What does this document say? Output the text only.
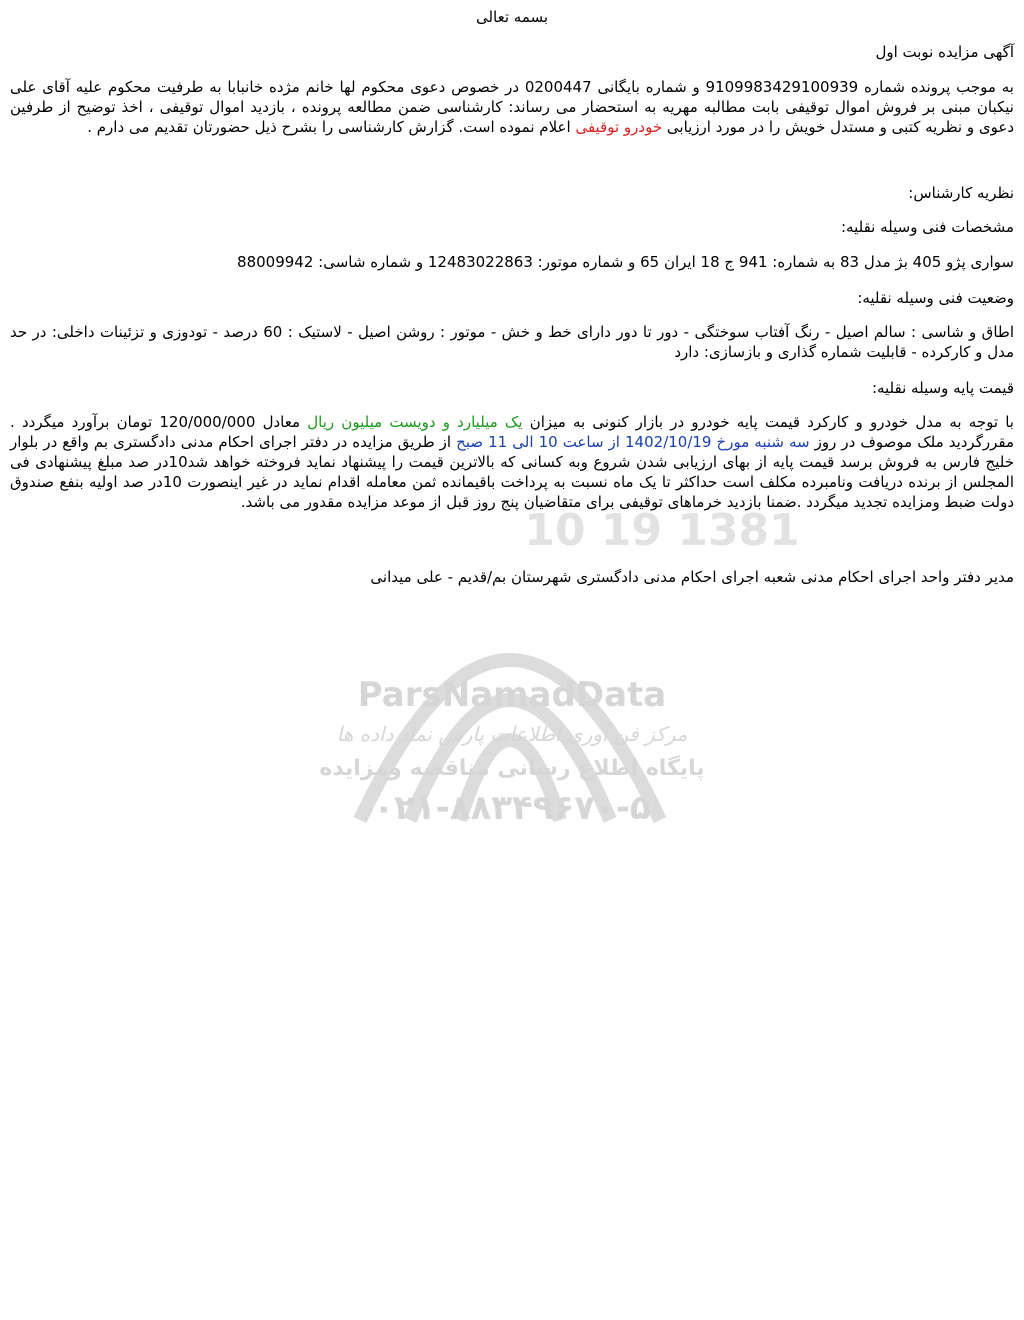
1381 19 10
ParsNamadData
مرکز فن آوری اطلاعات پارس نماد داده ها
پایگاه اطلاع رسانی مناقصه ومزایده
۰۲۱-۸۸۳۴۹۶۷۰-۵
بسمه تعالی
آگهی مزایده نوبت اول
به موجب پرونده شماره 9109983429100939 و شماره بایگانی 0200447 در خصوص دعوی محکوم لها خانم مژده خانبابا به طرفیت محکوم علیه آقای علی نیکبان مبنی بر فروش اموال توقیفی بابت مطالبه مهریه به استحضار می رساند: کارشناسی ضمن مطالعه پرونده ، بازدید اموال توقیفی ، اخذ توضیح از طرفین دعوی و نظریه کتبی و مستدل خویش را در مورد ارزیابی خودرو توقیفی اعلام نموده است. گزارش کارشناسی را بشرح ذیل حضورتان تقدیم می دارم .
نظریه کارشناس:
مشخصات فنی وسیله نقلیه:
سواری پژو 405 بژ مدل 83 به شماره: 941 ج 18 ایران 65 و شماره موتور: 12483022863 و شماره شاسی: 88009942
وضعیت فنی وسیله نقلیه:
اطاق و شاسی : سالم اصیل - رنگ آفتاب سوختگی - دور تا دور دارای خط و خش - موتور : روشن اصیل - لاستیک : 60 درصد - تودوزی و تزئینات داخلی: در حد مدل و کارکرده - قابلیت شماره گذاری و بازسازی: دارد
قیمت پایه وسیله نقلیه:
با توجه به مدل خودرو و کارکرد قیمت پایه خودرو در بازار کنونی به میزان یک میلیارد و دویست میلیون ریال معادل 120/000/000 تومان برآورد میگردد . مقررگردید ملک موصوف در روز سه شنبه مورخ 1402/10/19 از ساعت 10 الی 11 صبح از طریق مزایده در دفتر اجرای احکام مدنی دادگستری بم واقع در بلوار خلیج فارس به فروش برسد قیمت پایه از بهای ارزیابی شدن شروع وبه کسانی که بالاترین قیمت را پیشنهاد نماید فروخته خواهد شد10در صد مبلغ پیشنهادی فی المجلس از برنده دریافت ونامبرده مکلف است حداکثر تا یک ماه نسبت به پرداخت باقیمانده ثمن معامله اقدام نماید در غیر اینصورت 10در صد اولیه بنفع صندوق دولت ضبط ومزایده تجدید میگردد .ضمنا بازدید خرماهای توقیفی برای متقاضیان پنج روز قبل از موعد مزایده مقدور می باشد.
مدیر دفتر واحد اجرای احکام مدنی شعبه اجرای احکام مدنی دادگستری شهرستان بم/قدیم - علی میدانی
